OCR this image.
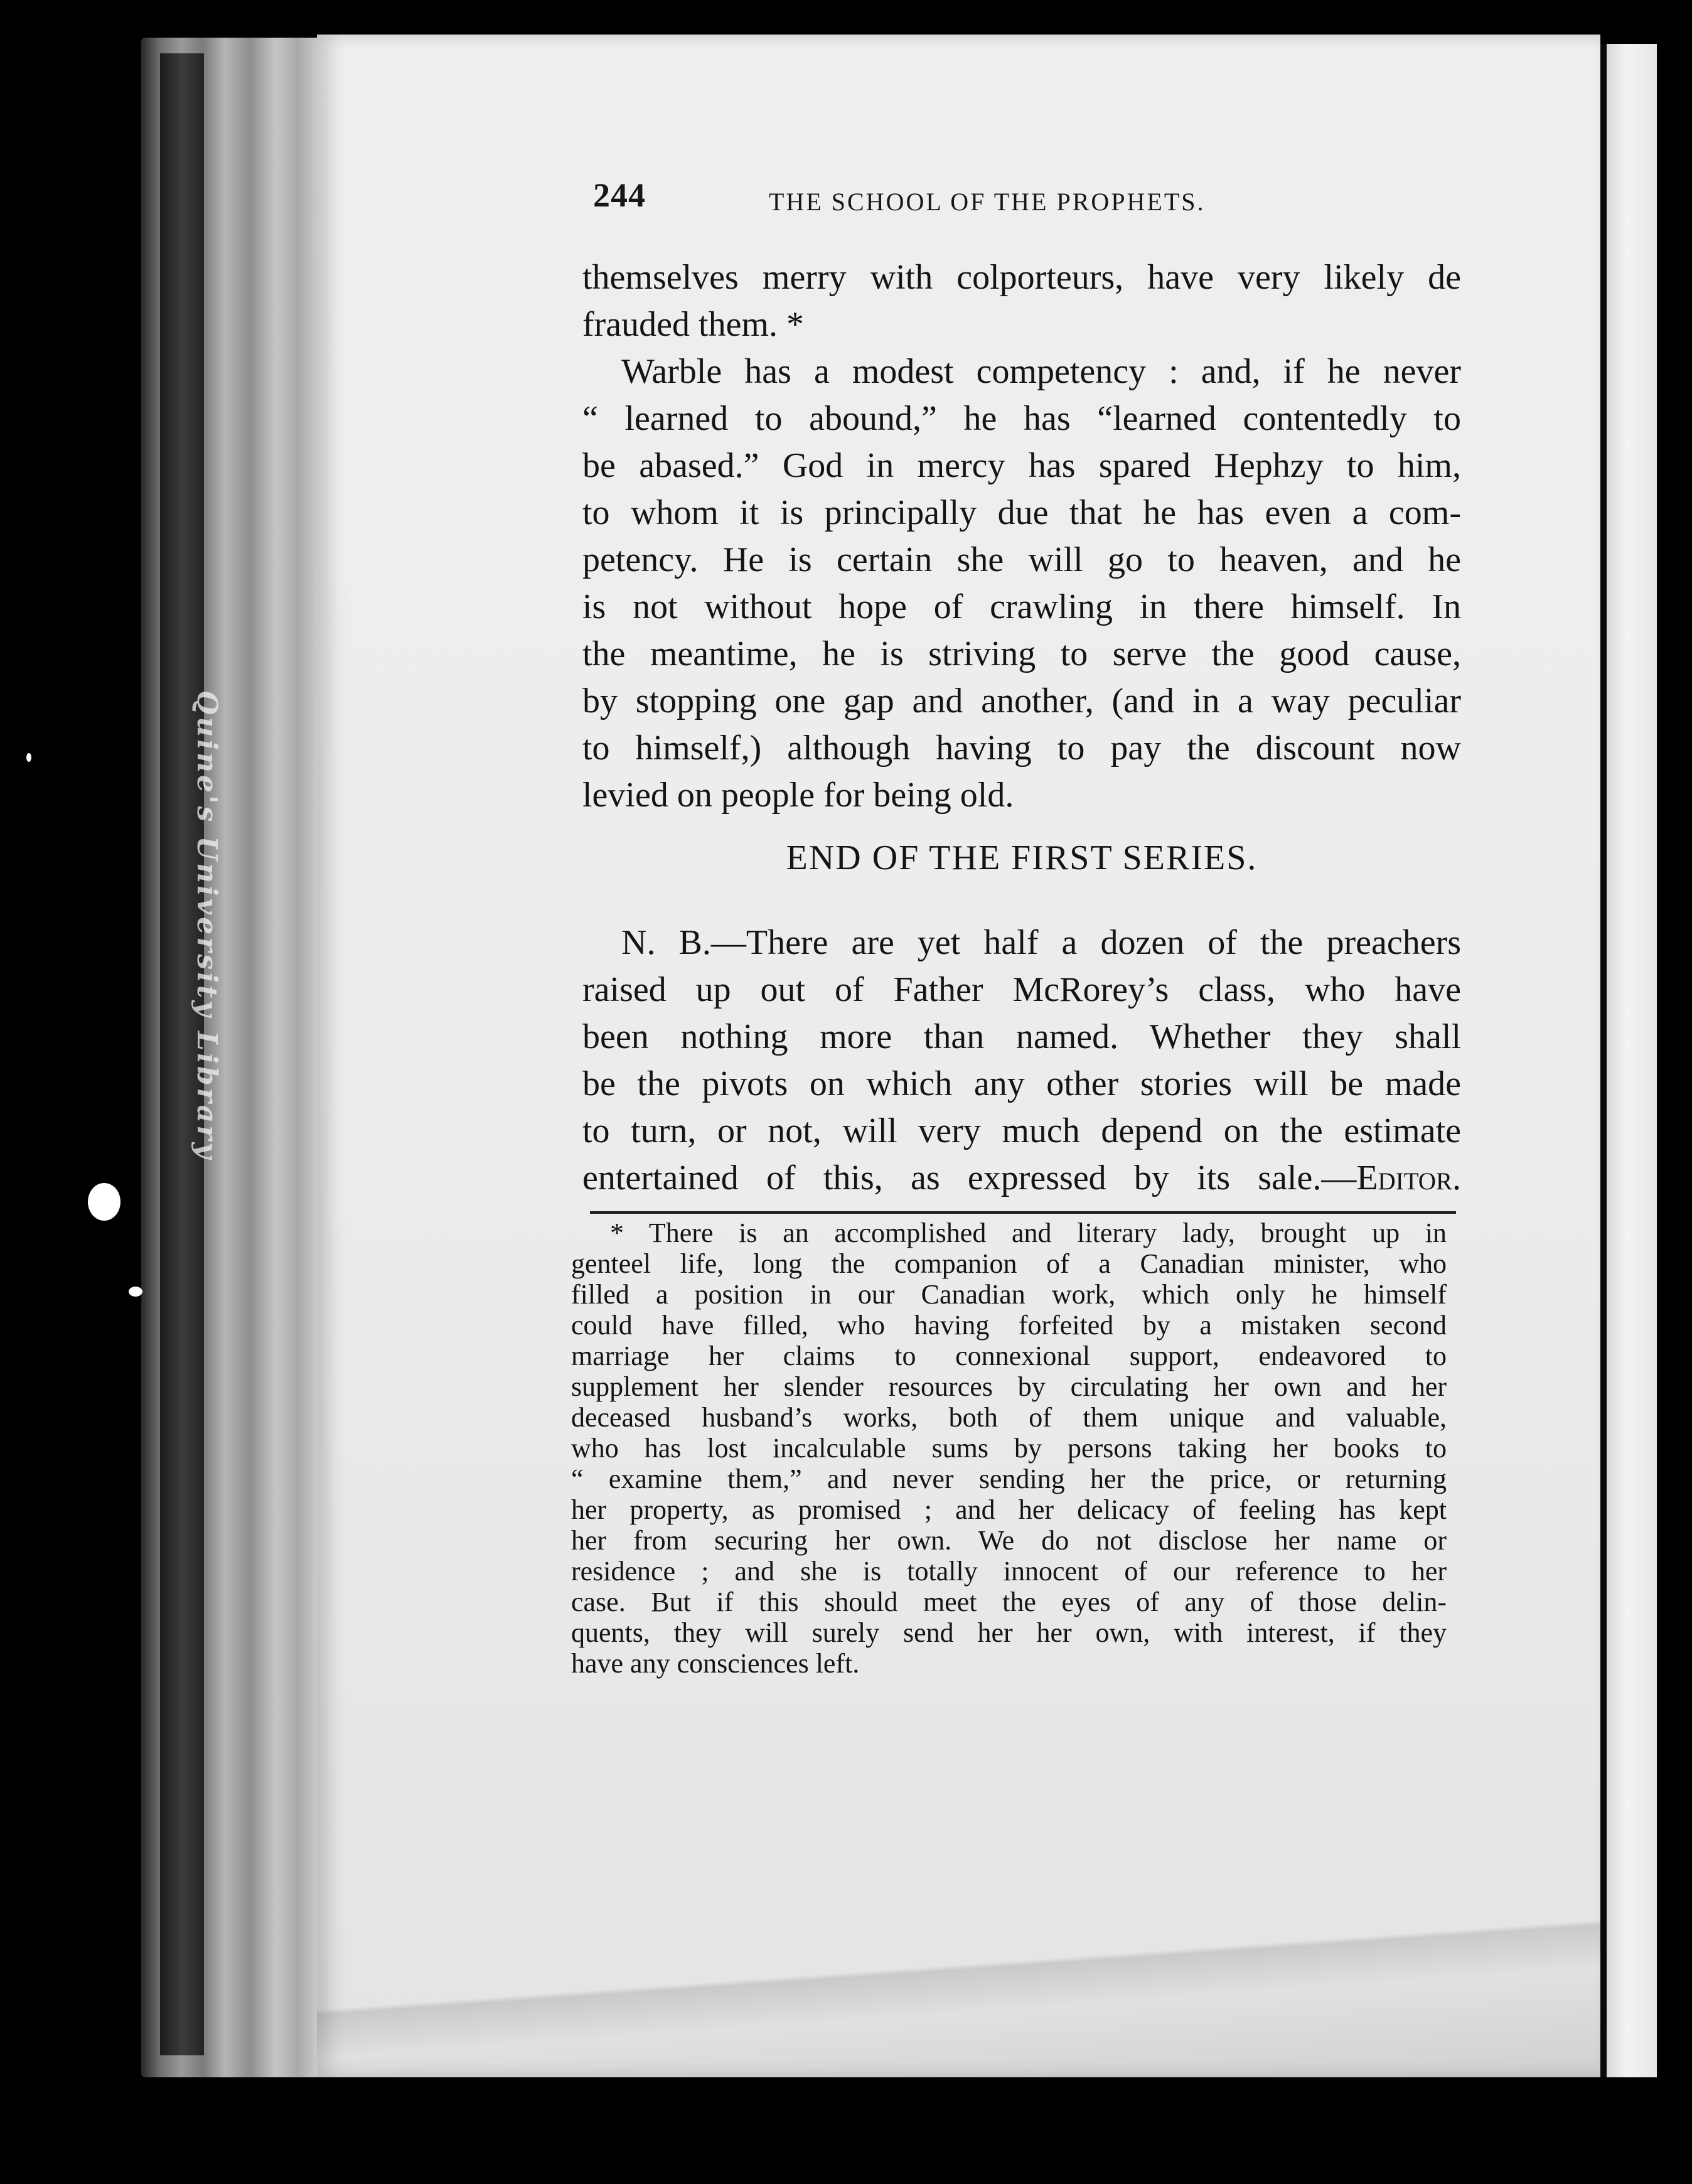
Quine's University Library
244	THE SCHOOL OF THE PROPHETS.
themselves merry with colporteurs, have very likely de
frauded them. *
Warble has a modest competency : and, if he never
“ learned to abound,” he has “learned contentedly to
be abased.” God in mercy has spared Hephzy to him,
to whom it is principally due that he has even a com-
petency. He is certain she will go to heaven, and he
is not without hope of crawling in there himself. In
the meantime, he is striving to serve the good cause,
by stopping one gap and another, (and in a way peculiar
to himself,) although having to pay the discount now
levied on people for being old.
END OF THE FIRST SERIES.
N. B.—There are yet half a dozen of the preachers
raised up out of Father McRorey’s class, who have
been nothing more than named. Whether they shall
be the pivots on which any other stories will be made
to turn, or not, will very much depend on the estimate
entertained of this, as expressed by its sale.—Editor.
* There is an accomplished and literary lady, brought up in
genteel life, long the companion of a Canadian minister, who
filled a position in our Canadian work, which only he himself
could have filled, who having forfeited by a mistaken second
marriage her claims to connexional support, endeavored to
supplement her slender resources by circulating her own and her
deceased husband’s works, both of them unique and valuable,
who has lost incalculable sums by persons taking her books to
“ examine them,” and never sending her the price, or returning
her property, as promised ; and her delicacy of feeling has kept
her from securing her own. We do not disclose her name or
residence ; and she is totally innocent of our reference to her
case. But if this should meet the eyes of any of those delin-
quents, they will surely send her her own, with interest, if they
have any consciences left.
